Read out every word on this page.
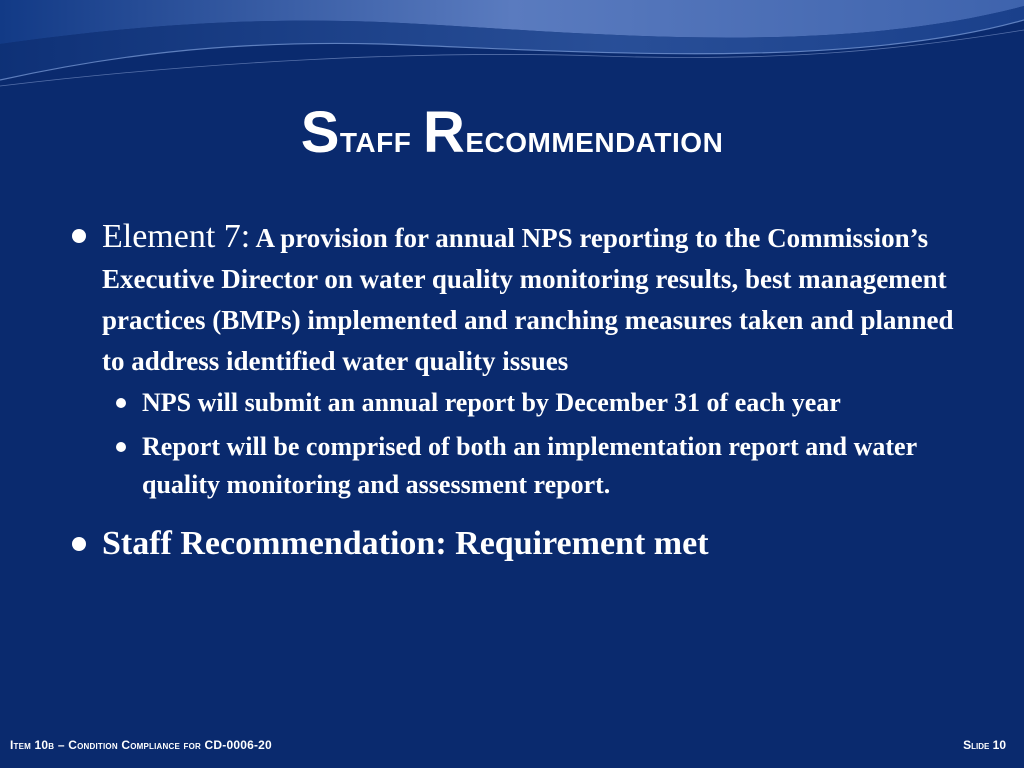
Staff Recommendation
Element 7: A provision for annual NPS reporting to the Commission’s Executive Director on water quality monitoring results, best management practices (BMPs) implemented and ranching measures taken and planned to address identified water quality issues
NPS will submit an annual report by December 31 of each year
Report will be comprised of both an implementation report and water quality monitoring and assessment report.
Staff Recommendation: Requirement met
Item 10b – Condition Compliance for CD-0006-20	Slide 10
